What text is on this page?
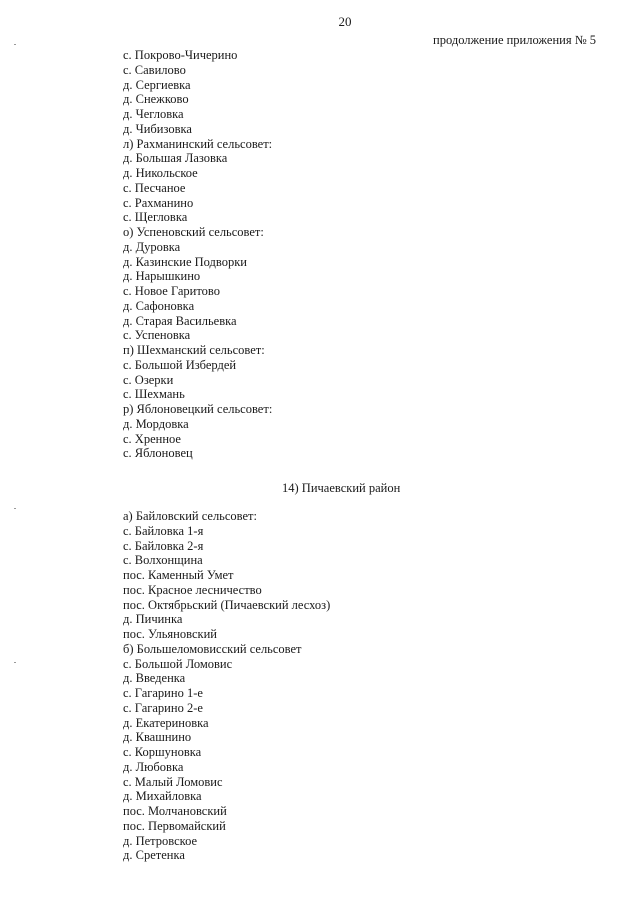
20
продолжение приложения № 5
с. Покрово-Чичерино
с. Савилово
д. Сергиевка
д. Снежково
д. Чегловка
д. Чибизовка
л) Рахманинский сельсовет:
д. Большая Лазовка
д. Никольское
с. Песчаное
с. Рахманино
с. Щегловка
о) Успеновский сельсовет:
д. Дуровка
д. Казинские Подворки
д. Нарышкино
с. Новое Гаритово
д. Сафоновка
д. Старая Васильевка
с. Успеновка
п) Шехманский сельсовет:
с. Большой Избердей
с. Озерки
с. Шехмань
р) Яблоновецкий сельсовет:
д. Мордовка
с. Хренное
с. Яблоновец
14) Пичаевский район
а) Байловский сельсовет:
с. Байловка 1-я
с. Байловка 2-я
с. Волхонщина
пос. Каменный Умет
пос. Красное лесничество
пос. Октябрьский (Пичаевский лесхоз)
д. Пичинка
пос. Ульяновский
б) Большеломовисский сельсовет
с. Большой Ломовис
д. Введенка
с. Гагарино 1-е
с. Гагарино 2-е
д. Екатериновка
д. Квашнино
с. Коршуновка
д. Любовка
с. Малый Ломовис
д. Михайловка
пос. Молчановский
пос. Первомайский
д. Петровское
д. Сретенка
